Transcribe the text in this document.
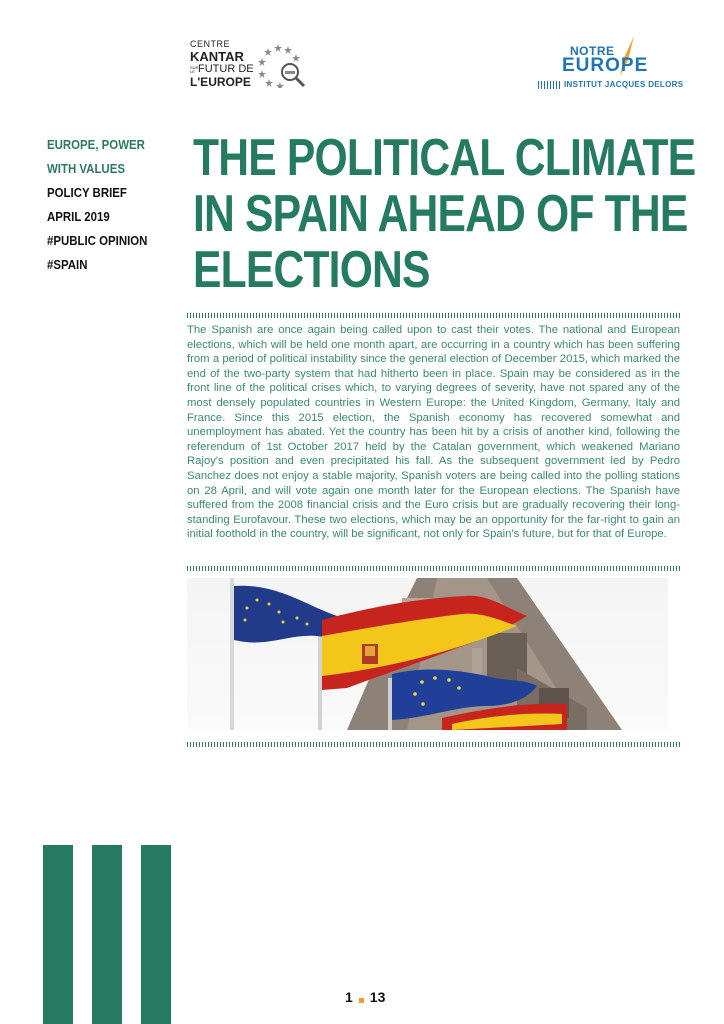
CENTRE
KANTAR
SUR LE FUTUR DE
L'EUROPE
NOTRE
EUROPE
INSTITUT JACQUES DELORS
EUROPE, POWER
WITH VALUES
POLICY BRIEF
APRIL 2019
#PUBLIC OPINION
#SPAIN
THE POLITICAL CLIMATE
IN SPAIN AHEAD OF THE
ELECTIONS

The Spanish are once again being called upon to cast their votes. The national and European elections, which will be held one month apart, are occurring in a country which has been suffering from a period of political instability since the general election of December 2015, which marked the end of the two-party system that had hitherto been in place. Spain may be considered as in the front line of the political crises which, to varying degrees of severity, have not spared any of the most densely populated countries in Western Europe: the United Kingdom, Germany, Italy and France. Since this 2015 election, the Spanish economy has recovered somewhat and unemployment has abated. Yet the country has been hit by a crisis of another kind, following the referendum of 1st October 2017 held by the Catalan government, which weakened Mariano Rajoy's position and even precipitated his fall. As the subsequent government led by Pedro Sanchez does not enjoy a stable majority, Spanish voters are being called into the polling stations on 28 April, and will vote again one month later for the European elections. The Spanish have suffered from the 2008 financial crisis and the Euro crisis but are gradually recovering their long-standing Eurofavour. These two elections, which may be an opportunity for the far-right to gain an initial foothold in the country, will be significant, not only for Spain's future, but for that of Europe.

1 13
